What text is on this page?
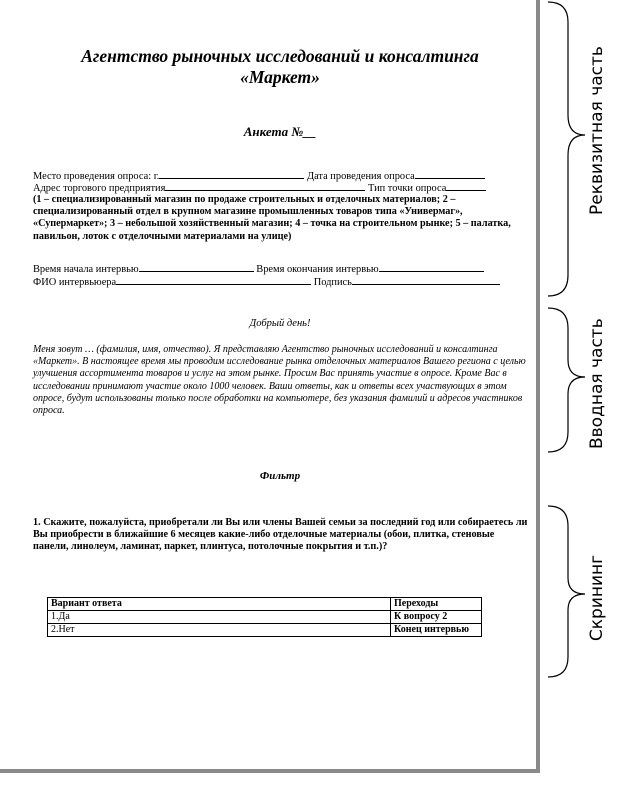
Агентство рыночных исследований и консалтинга
«Маркет»
Анкета №__
Место проведения опроса: г.	Дата проведения опроса
Адрес торгового предприятия	Тип точки опроса
(1 – специализированный магазин по продаже строительных и отделочных материалов; 2 – специализированный отдел в крупном магазине промышленных товаров типа «Универмаг», «Супермаркет»; 3 – небольшой хозяйственный магазин; 4 – точка на строительном рынке; 5 – палатка, павильон, лоток с отделочными материалами на улице)
Время начала интервью	Время окончания интервью
ФИО интервьюера	Подпись
Добрый день!
Меня зовут … (фамилия, имя, отчество). Я представляю Агентство рыночных исследований и консалтинга «Маркет». В настоящее время мы проводим исследование рынка отделочных материалов Вашего региона с целью улучшения ассортимента товаров и услуг на этом рынке. Просим Вас принять участие в опросе. Кроме Вас в исследовании принимают участие около 1000 человек. Ваши ответы, как и ответы всех участвующих в этом опросе, будут использованы только после обработки на компьютере, без указания фамилий и адресов участников опроса.
Фильтр
1. Скажите, пожалуйста, приобретали ли Вы или члены Вашей семьи за последний год или собираетесь ли Вы приобрести в ближайшие 6 месяцев какие-либо отделочные материалы (обои, плитка, стеновые панели, линолеум, ламинат, паркет, плинтуса, потолочные покрытия и т.п.)?
Вариант ответа	Переходы
1.Да	К вопросу 2
2.Нет	Конец интервью
Реквизитная часть
Вводная часть
Скрининг
